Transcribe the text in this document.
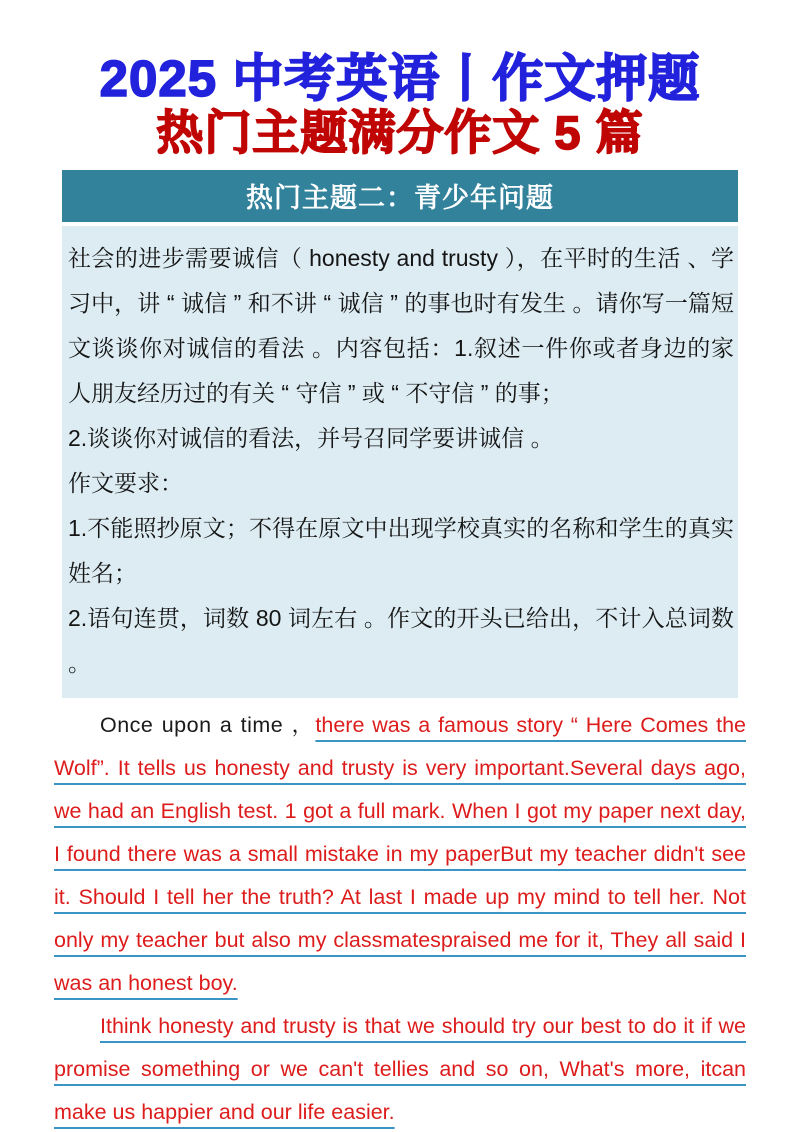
2025 中考英语丨作文押题
热门主题满分作文 5 篇
热门主题二：青少年问题

社会的进步需要诚信（ honesty and trusty ），在平时的生活 、学习中，讲 “ 诚信 ” 和不讲 “ 诚信 ” 的事也时有发生 。请你写一篇短文谈谈你对诚信的看法 。内容包括：1.叙述一件你或者身边的家人朋友经历过的有关 “ 守信 ” 或 “ 不守信 ” 的事；

2.谈谈你对诚信的看法，并号召同学要讲诚信 。

作文要求：

1.不能照抄原文；不得在原文中出现学校真实的名称和学生的真实姓名；

2.语句连贯，词数 80 词左右 。作文的开头已给出，不计入总词数 。

Once upon a time ，there was a famous story “ Here Comes the Wolf”. It tells us honesty and trusty is very important.Several days ago, we had an English test. 1 got a full mark. When I got my paper next day, I found there was a small mistake in my paperBut my teacher didn't see it. Should I tell her the truth? At last I made up my mind to tell her. Not only my teacher but also my classmatespraised me for it, They all said I was an honest boy.

Ithink honesty and trusty is that we should try our best to do it if we promise something or we can't tellies and so on, What's more, itcan make us happier and our life easier.
